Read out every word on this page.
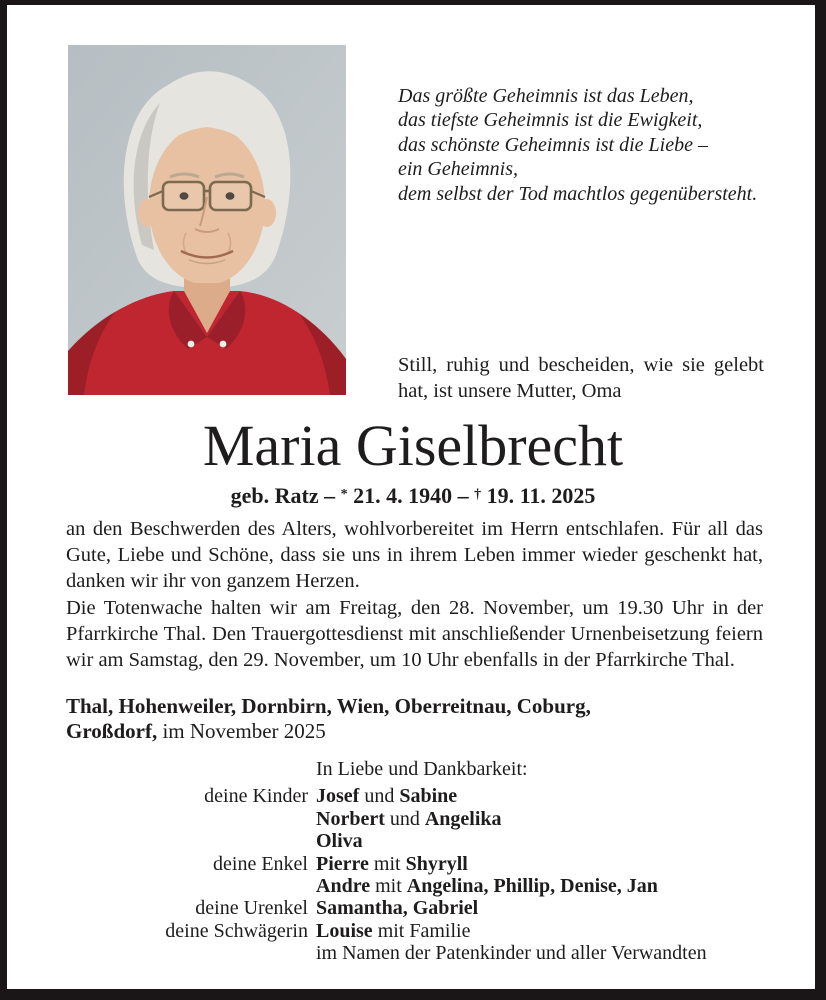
Das größte Geheimnis ist das Leben,
das tiefste Geheimnis ist die Ewigkeit,
das schönste Geheimnis ist die Liebe –
ein Geheimnis,
dem selbst der Tod machtlos gegenübersteht.
Still, ruhig und bescheiden, wie sie gelebt hat, ist unsere Mutter, Oma
Maria Giselbrecht
geb. Ratz – * 21. 4. 1940 – † 19. 11. 2025

an den Beschwerden des Alters, wohlvorbereitet im Herrn entschlafen. Für all das Gute, Liebe und Schöne, dass sie uns in ihrem Leben immer wieder geschenkt hat, danken wir ihr von ganzem Herzen.

Die Totenwache halten wir am Freitag, den 28. November, um 19.30 Uhr in der Pfarrkirche Thal. Den Trauergottesdienst mit anschließender Urnenbeisetzung feiern wir am Samstag, den 29. November, um 10 Uhr ebenfalls in der Pfarrkirche Thal.

Thal, Hohenweiler, Dornbirn, Wien, Oberreitnau, Coburg,
Großdorf, im November 2025
In Liebe und Dankbarkeit:
deine Kinder Josef und Sabine
Norbert und Angelika
Oliva
deine Enkel Pierre mit Shyryll
Andre mit Angelina, Phillip, Denise, Jan
deine Urenkel Samantha, Gabriel
deine Schwägerin Louise mit Familie
im Namen der Patenkinder und aller Verwandten
